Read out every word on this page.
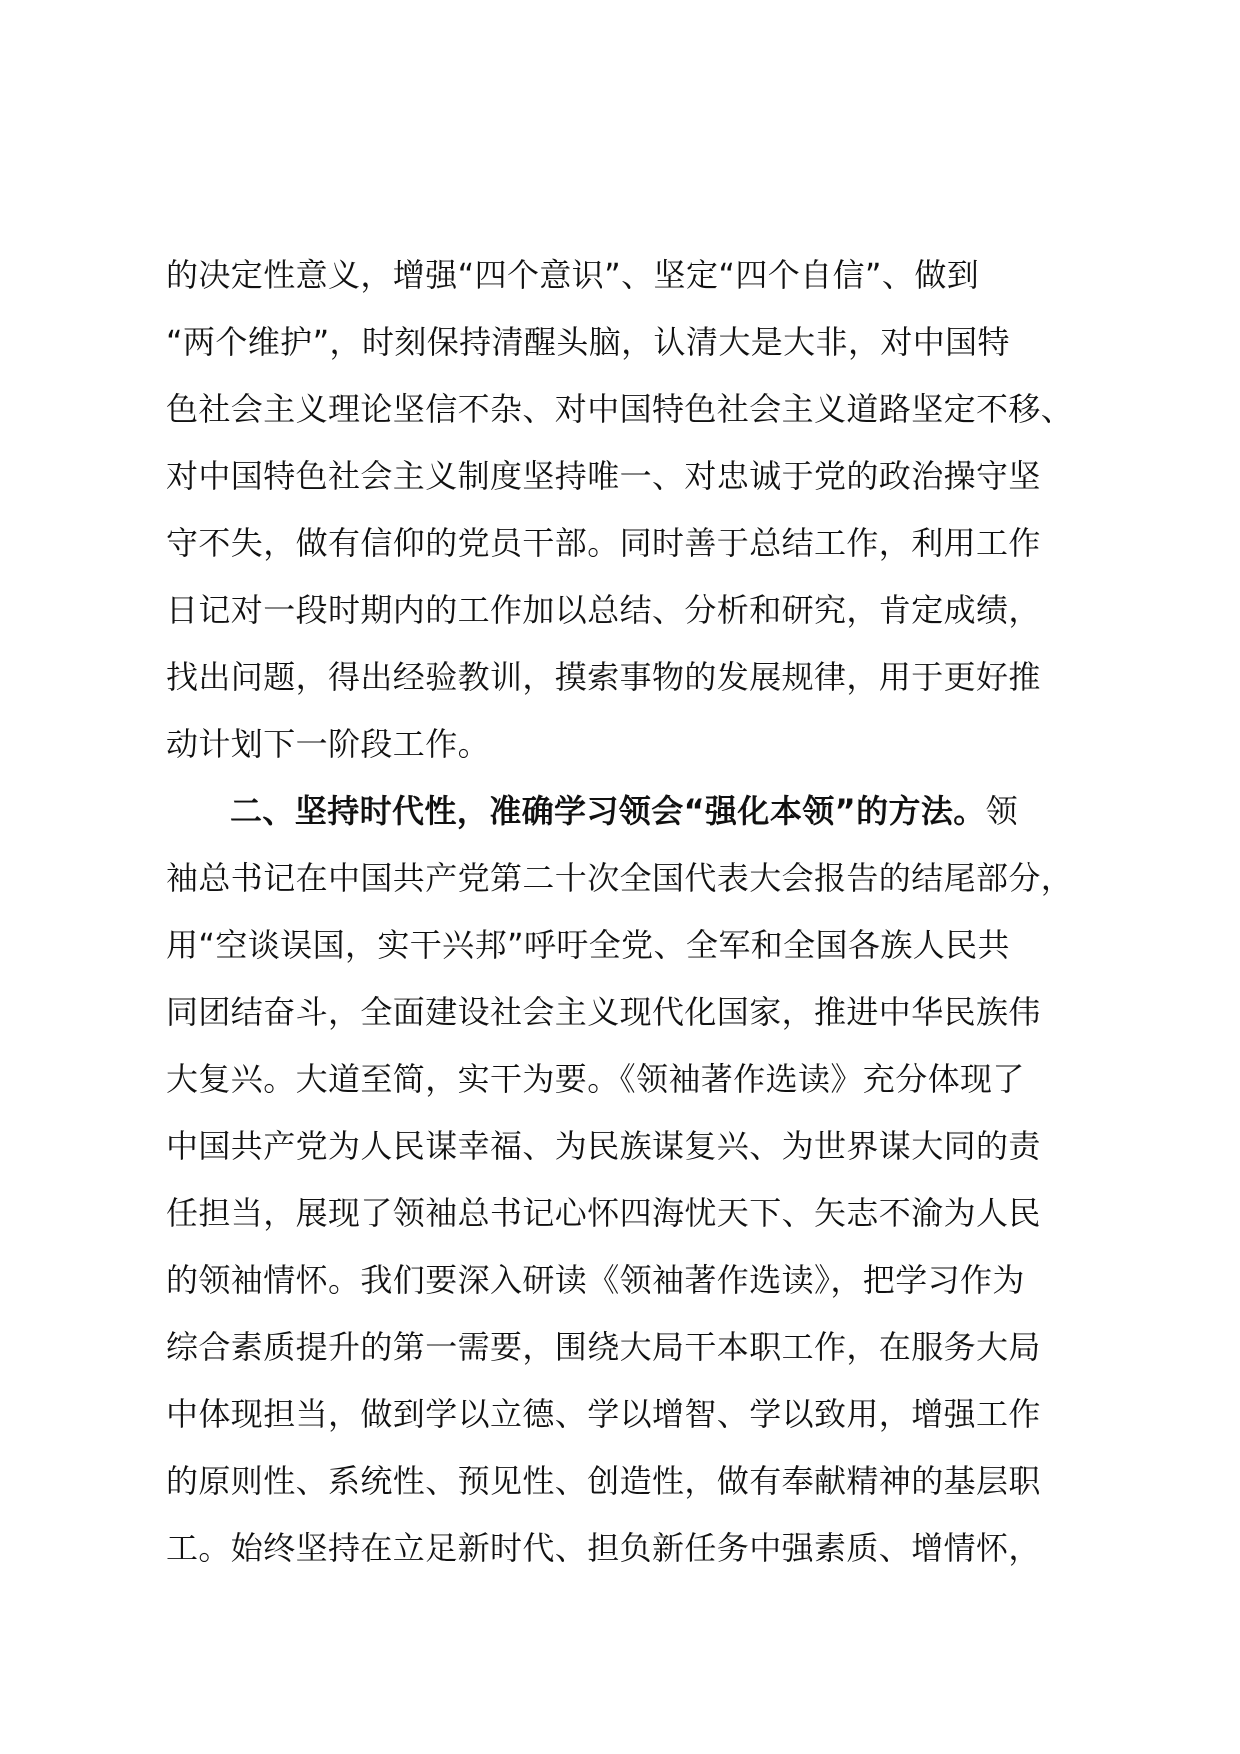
的决定性意义，增强“四个意识”、坚定“四个自信”、做到
“两个维护”，时刻保持清醒头脑，认清大是大非，对中国特
色社会主义理论坚信不杂、对中国特色社会主义道路坚定不移、
对中国特色社会主义制度坚持唯一、对忠诚于党的政治操守坚
守不失，做有信仰的党员干部。同时善于总结工作，利用工作
日记对一段时期内的工作加以总结、分析和研究，肯定成绩，
找出问题，得出经验教训，摸索事物的发展规律，用于更好推
动计划下一阶段工作。
二、坚持时代性，准确学习领会“强化本领”的方法。领
袖总书记在中国共产党第二十次全国代表大会报告的结尾部分，
用“空谈误国，实干兴邦”呼吁全党、全军和全国各族人民共
同团结奋斗，全面建设社会主义现代化国家，推进中华民族伟
大复兴。大道至简，实干为要。《领袖著作选读》充分体现了
中国共产党为人民谋幸福、为民族谋复兴、为世界谋大同的责
任担当，展现了领袖总书记心怀四海忧天下、矢志不渝为人民
的领袖情怀。我们要深入研读《领袖著作选读》，把学习作为
综合素质提升的第一需要，围绕大局干本职工作，在服务大局
中体现担当，做到学以立德、学以增智、学以致用，增强工作
的原则性、系统性、预见性、创造性，做有奉献精神的基层职
工。始终坚持在立足新时代、担负新任务中强素质、增情怀，
